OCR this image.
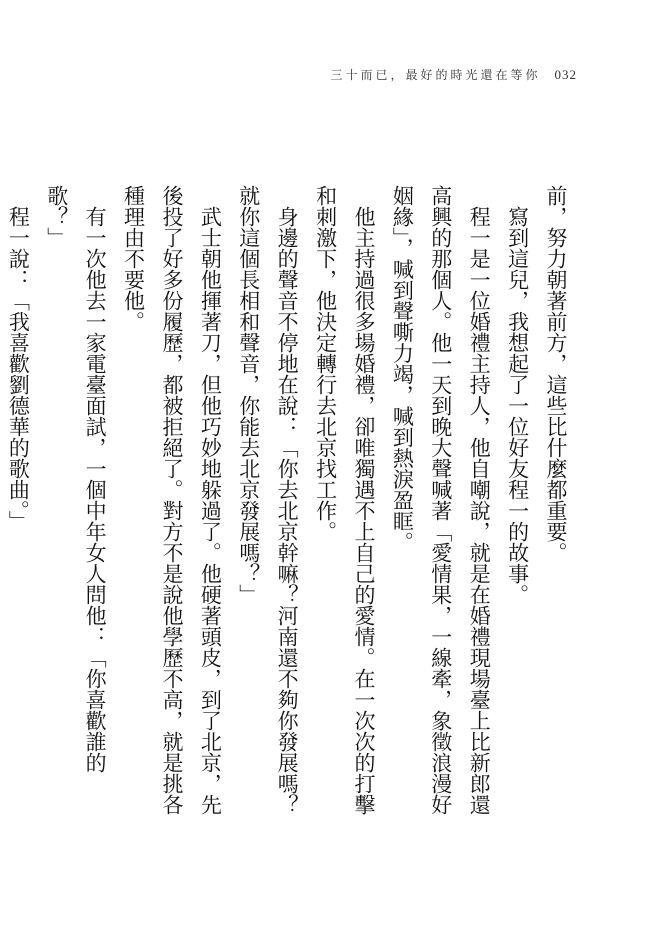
三十而已，最好的時光還在等你 032

前，努力朝著前方，這些比什麼都重要。

寫到這兒，我想起了一位好友程一的故事。

程一是一位婚禮主持人，他自嘲說，就是在婚禮現場臺上比新郎還高興的那個人。他一天到晚大聲喊著「愛情果，一線牽，象徵浪漫好姻緣」，喊到聲嘶力竭，喊到熱淚盈眶。

他主持過很多場婚禮，卻唯獨遇不上自己的愛情。在一次次的打擊和刺激下，他決定轉行去北京找工作。

身邊的聲音不停地在說：「你去北京幹嘛？河南還不夠你發展嗎？就你這個長相和聲音，你能去北京發展嗎？」

武士朝他揮著刀，但他巧妙地躲過了。他硬著頭皮，到了北京，先後投了好多份履歷，都被拒絕了。對方不是說他學歷不高，就是挑各種理由不要他。

有一次他去一家電臺面試，一個中年女人問他：「你喜歡誰的歌？」

程一說：「我喜歡劉德華的歌曲。」
